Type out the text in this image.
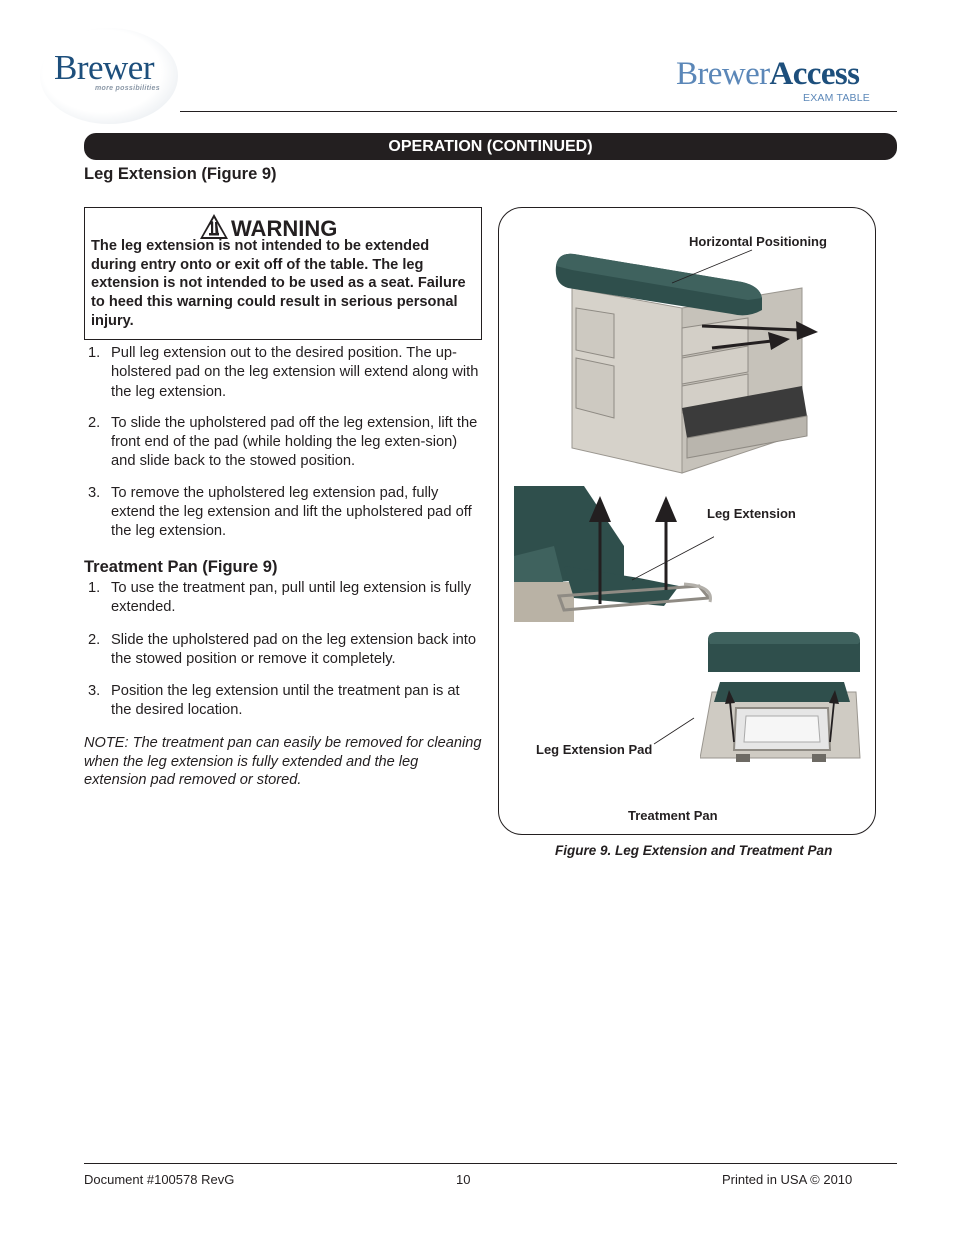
Brewer
more possibilities	BrewerAccess
EXAM TABLE
OPERATION (CONTINUED)
Leg Extension (Figure 9)
WARNING
The leg extension is not intended to be extended during entry onto or exit off of the table. The leg extension is not intended to be used as a seat. Failure to heed this warning could result in serious personal injury.
1. Pull leg extension out to the desired position. The up-holstered pad on the leg extension will extend along with the leg extension.
2. To slide the upholstered pad off the leg extension, lift the front end of the pad (while holding the leg exten-sion) and slide back to the stowed position.
3. To remove the upholstered leg extension pad, fully extend the leg extension and lift the upholstered pad off the leg extension.
Treatment Pan (Figure 9)
1. To use the treatment pan, pull until leg extension is fully extended.
2. Slide the upholstered pad on the leg extension back into the stowed position or remove it completely.
3. Position the leg extension until the treatment pan is at the desired location.
NOTE: The treatment pan can easily be removed for cleaning when the leg extension is fully extended and the leg extension pad removed or stored.
Horizontal Positioning
Leg Extension
Leg Extension Pad
Treatment Pan
Figure 9. Leg Extension and Treatment Pan
Document #100578 RevG	10	Printed in USA © 2010
